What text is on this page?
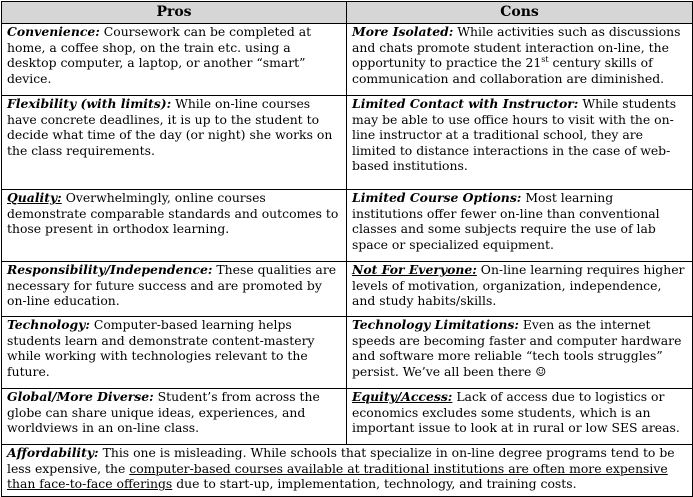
Pros	Cons
Convenience: Coursework can be completed at home, a coffee shop, on the train etc. using a desktop computer, a laptop, or another “smart” device.	More Isolated: While activities such as discussions and chats promote student interaction on-line, the opportunity to practice the 21st century skills of communication and collaboration are diminished.
Flexibility (with limits): While on-line courses have concrete deadlines, it is up to the student to decide what time of the day (or night) she works on the class requirements.	Limited Contact with Instructor: While students may be able to use office hours to visit with the on-line instructor at a traditional school, they are limited to distance interactions in the case of web-based institutions.
Quality: Overwhelmingly, online courses demonstrate comparable standards and outcomes to those present in orthodox learning.	Limited Course Options: Most learning institutions offer fewer on-line than conventional classes and some subjects require the use of lab space or specialized equipment.
Responsibility/Independence: These qualities are necessary for future success and are promoted by on-line education.	Not For Everyone: On-line learning requires higher levels of motivation, organization, independence, and study habits/skills.
Technology: Computer-based learning helps students learn and demonstrate content-mastery while working with technologies relevant to the future.	Technology Limitations: Even as the internet speeds are becoming faster and computer hardware and software more reliable “tech tools struggles” persist. We’ve all been there ☺
Global/More Diverse: Student’s from across the globe can share unique ideas, experiences, and worldviews in an on-line class.	Equity/Access: Lack of access due to logistics or economics excludes some students, which is an important issue to look at in rural or low SES areas.
Affordability: This one is misleading. While schools that specialize in on-line degree programs tend to be less expensive, the computer-based courses available at traditional institutions are often more expensive than face-to-face offerings due to start-up, implementation, technology, and training costs.	
